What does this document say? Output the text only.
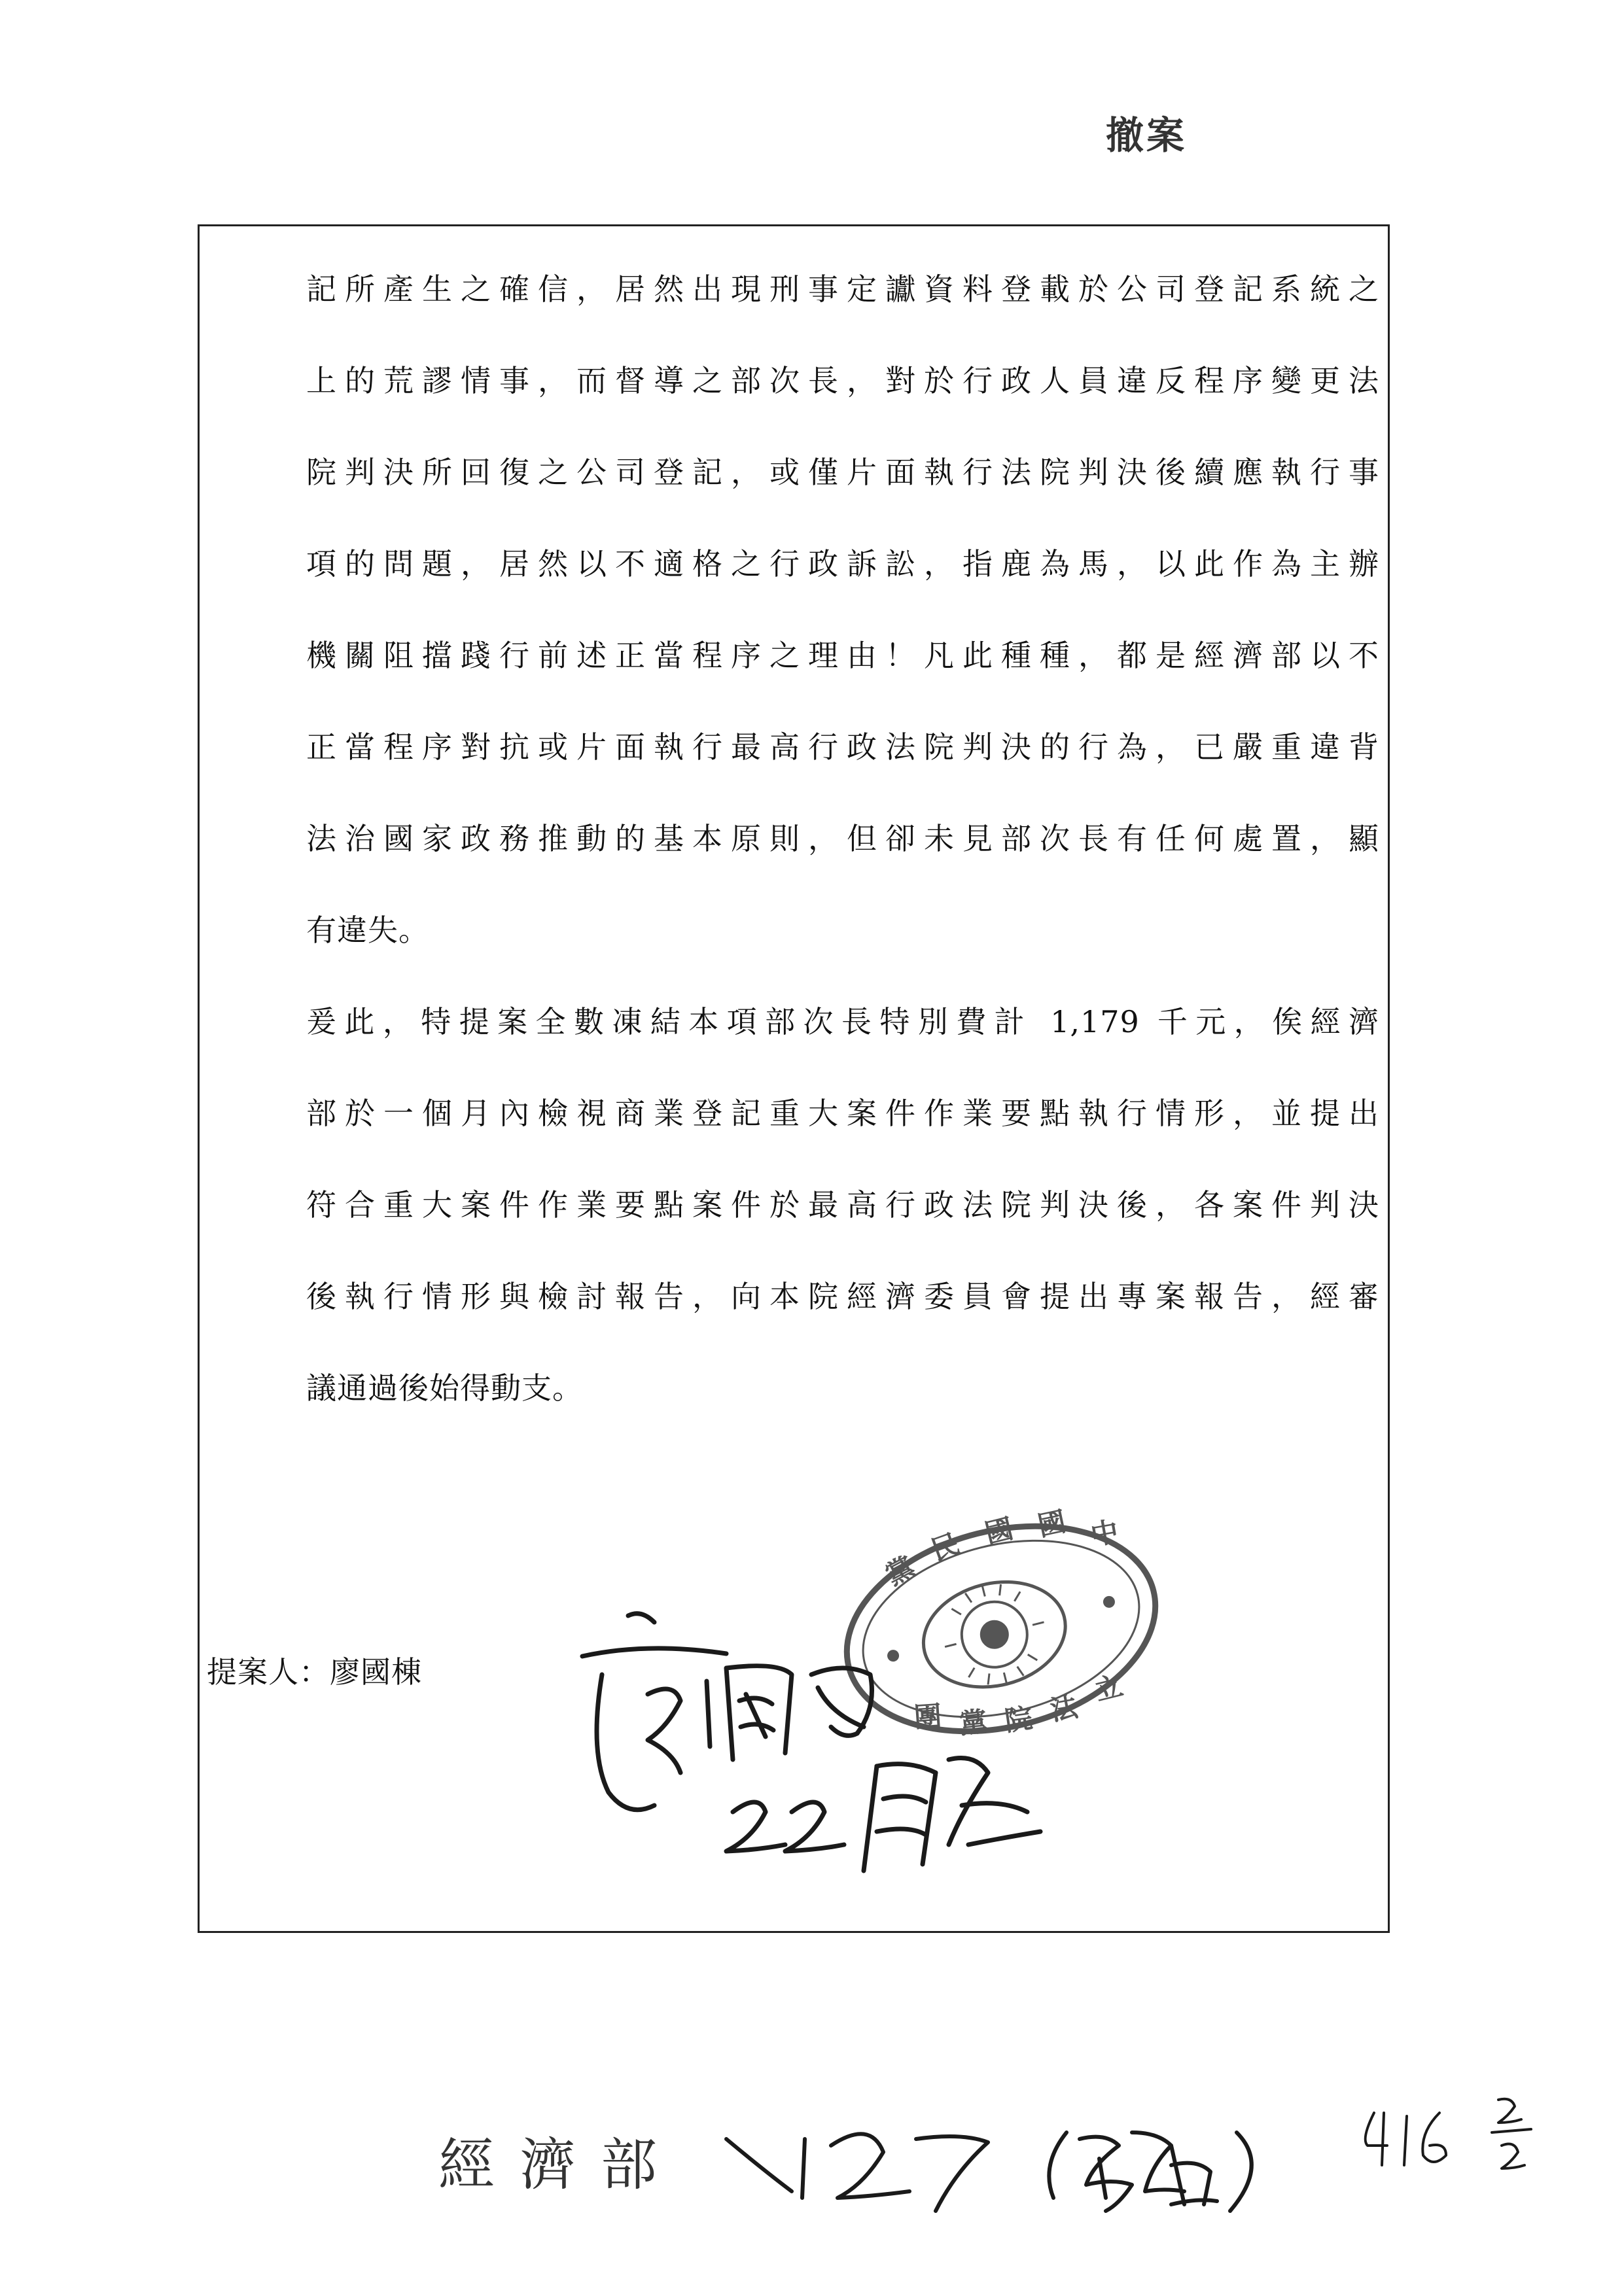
撤案
記所產生之確信，居然出現刑事定讞資料登載於公司登記系統之
上的荒謬情事，而督導之部次長，對於行政人員違反程序變更法
院判決所回復之公司登記，或僅片面執行法院判決後續應執行事
項的問題，居然以不適格之行政訴訟，指鹿為馬，以此作為主辦
機關阻擋踐行前述正當程序之理由！凡此種種，都是經濟部以不
正當程序對抗或片面執行最高行政法院判決的行為，已嚴重違背
法治國家政務推動的基本原則，但卻未見部次長有任何處置，顯
有違失。
爰此，特提案全數凍結本項部次長特別費計 1,179 千元，俟經濟
部於一個月內檢視商業登記重大案件作業要點執行情形，並提出
符合重大案件作業要點案件於最高行政法院判決後，各案件判決
後執行情形與檢討報告，向本院經濟委員會提出專案報告，經審
議通過後始得動支。
提案人：廖國棟
中
國
國
民
黨
立
法
院
黨
團
經濟部
